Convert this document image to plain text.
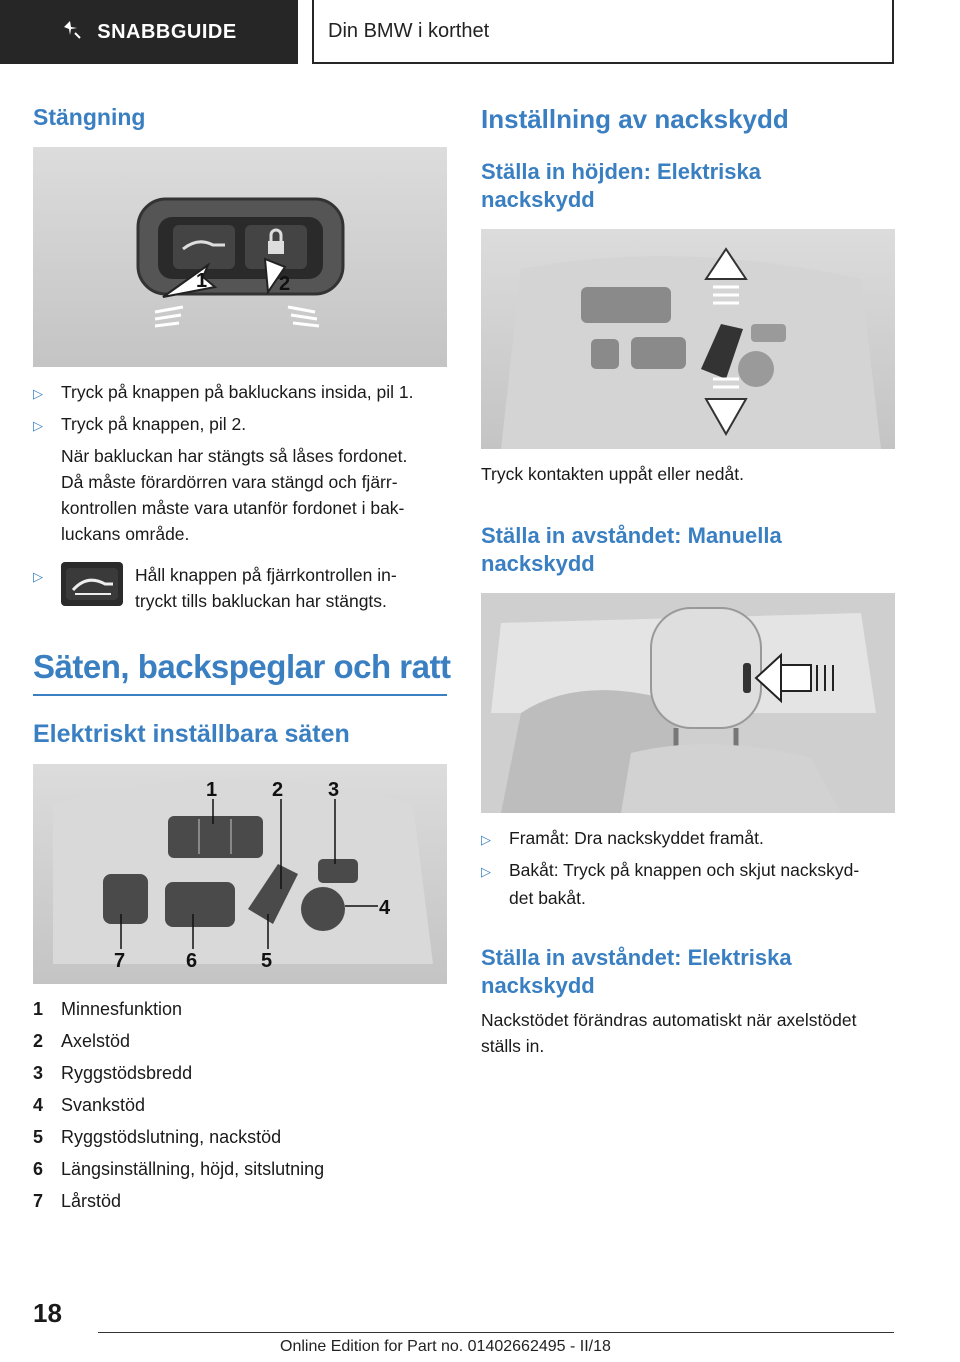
SNABBGUIDE	Din BMW i korthet
Stängning
1	2
▷ Tryck på knappen på bakluckans insida, pil 1.
▷ Tryck på knappen, pil 2.
När bakluckan har stängts så låses fordonet.
Då måste förardörren vara stängd och fjärr-
kontrollen måste vara utanför fordonet i bak-
luckans område.
▷	Håll knappen på fjärrkontrollen in-
tryckt tills bakluckan har stängts.
Säten, backspeglar och ratt
Elektriskt inställbara säten
1	2 3
4
5
6
7
1 Minnesfunktion
2 Axelstöd
3 Ryggstödsbredd
4 Svankstöd
5 Ryggstödslutning, nackstöd
6 Längsinställning, höjd, sitslutning
7 Lårstöd
Inställning av nackskydd
Ställa in höjden: Elektriska
nackskydd
Tryck kontakten uppåt eller nedåt.
Ställa in avståndet: Manuella
nackskydd
▷ Framåt: Dra nackskyddet framåt.
▷ Bakåt: Tryck på knappen och skjut nackskyd-
det bakåt.
Ställa in avståndet: Elektriska
nackskydd
Nackstödet förändras automatiskt när axelstödet
ställs in.
18
Online Edition for Part no. 01402662495 - II/18
